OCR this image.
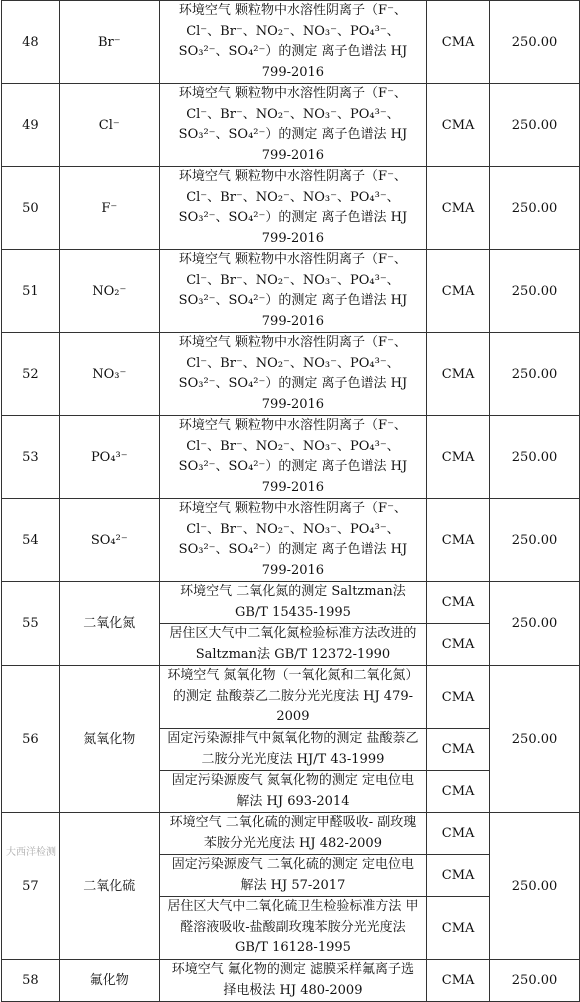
48	Br⁻	环境空气 颗粒物中水溶性阴离子（F⁻、Cl⁻、Br⁻、NO₂⁻、NO₃⁻、PO₄³⁻、SO₃²⁻、SO₄²⁻）的测定 离子色谱法 HJ 799-2016	CMA	250.00
49	Cl⁻	环境空气 颗粒物中水溶性阴离子（F⁻、Cl⁻、Br⁻、NO₂⁻、NO₃⁻、PO₄³⁻、SO₃²⁻、SO₄²⁻）的测定 离子色谱法 HJ 799-2016	CMA	250.00
50	F⁻	环境空气 颗粒物中水溶性阴离子（F⁻、Cl⁻、Br⁻、NO₂⁻、NO₃⁻、PO₄³⁻、SO₃²⁻、SO₄²⁻）的测定 离子色谱法 HJ 799-2016	CMA	250.00
51	NO₂⁻	环境空气 颗粒物中水溶性阴离子（F⁻、Cl⁻、Br⁻、NO₂⁻、NO₃⁻、PO₄³⁻、SO₃²⁻、SO₄²⁻）的测定 离子色谱法 HJ 799-2016	CMA	250.00
52	NO₃⁻	环境空气 颗粒物中水溶性阴离子（F⁻、Cl⁻、Br⁻、NO₂⁻、NO₃⁻、PO₄³⁻、SO₃²⁻、SO₄²⁻）的测定 离子色谱法 HJ 799-2016	CMA	250.00
53	PO₄³⁻	环境空气 颗粒物中水溶性阴离子（F⁻、Cl⁻、Br⁻、NO₂⁻、NO₃⁻、PO₄³⁻、SO₃²⁻、SO₄²⁻）的测定 离子色谱法 HJ 799-2016	CMA	250.00
54	SO₄²⁻	环境空气 颗粒物中水溶性阴离子（F⁻、Cl⁻、Br⁻、NO₂⁻、NO₃⁻、PO₄³⁻、SO₃²⁻、SO₄²⁻）的测定 离子色谱法 HJ 799-2016	CMA	250.00
55	二氧化氮	环境空气 二氧化氮的测定 Saltzman法 GB/T 15435-1995	CMA	250.00
		居住区大气中二氧化氮检验标准方法改进的 Saltzman法 GB/T 12372-1990	CMA	
56	氮氧化物	环境空气 氮氧化物（一氧化氮和二氧化氮）的测定 盐酸萘乙二胺分光光度法 HJ 479-2009	CMA	250.00
		固定污染源排气中氮氧化物的测定 盐酸萘乙二胺分光光度法 HJ/T 43-1999	CMA	
		固定污染源废气 氮氧化物的测定 定电位电解法 HJ 693-2014	CMA	
57	二氧化硫	环境空气 二氧化硫的测定甲醛吸收- 副玫瑰苯胺分光光度法 HJ 482-2009	CMA	250.00
		固定污染源废气 二氧化硫的测定 定电位电解法 HJ 57-2017	CMA	
		居住区大气中二氧化硫卫生检验标准方法 甲醛溶液吸收-盐酸副玫瑰苯胺分光光度法 GB/T 16128-1995	CMA	
58	氟化物	环境空气 氟化物的测定 滤膜采样氟离子选择电极法 HJ 480-2009	CMA	250.00
大西洋检测
